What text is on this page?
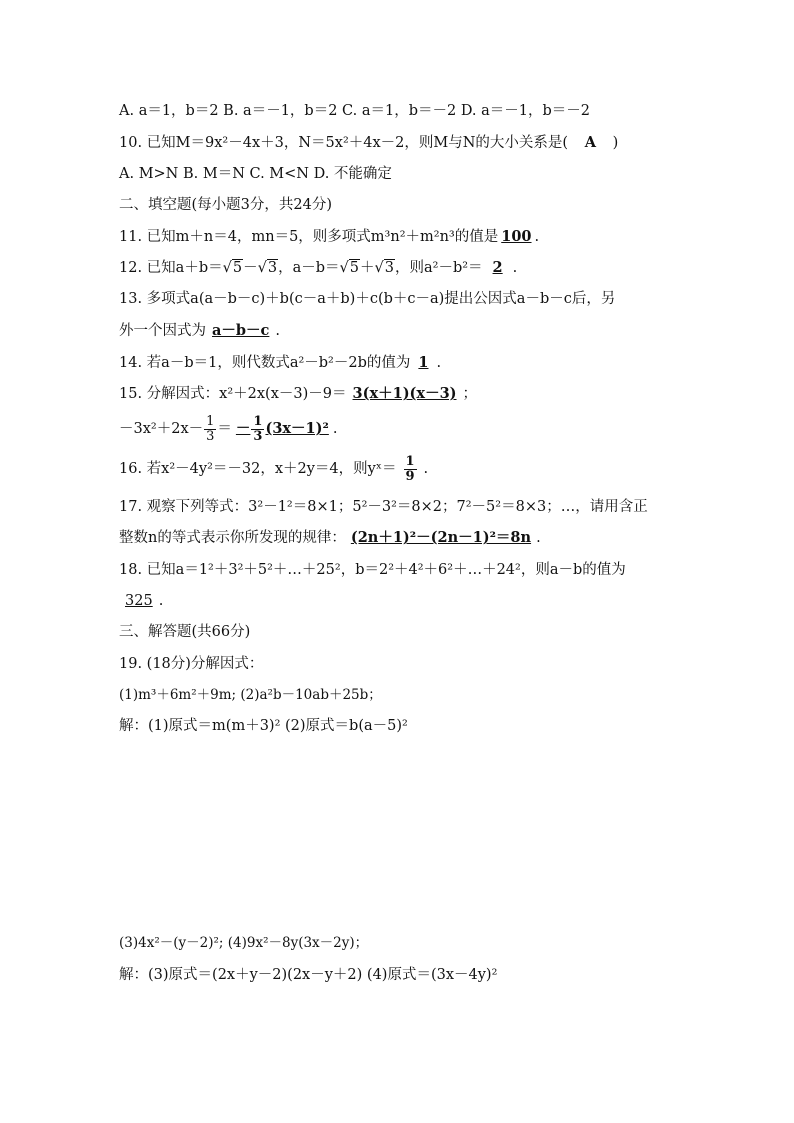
A. a＝1，b＝2 B. a＝－1，b＝2 C. a＝1，b＝－2 D. a＝－1，b＝－2
10. 已知M＝9x²－4x＋3，N＝5x²＋4x－2，则M与N的大小关系是( A )
A. M>N B. M＝N C. M<N D. 不能确定
二、填空题(每小题3分，共24分)
11. 已知m＋n＝4，mn＝5，则多项式m³n²＋m²n³的值是 100 .
12. 已知a＋b＝√5－√3，a－b＝√5＋√3，则a²－b²＝ 2 .
13. 多项式a(a－b－c)＋b(c－a＋b)＋c(b＋c－a)提出公因式a－b－c后，另
外一个因式为 a－b－c .
14. 若a－b＝1，则代数式a²－b²－2b的值为 1 .
15. 分解因式：x²＋2x(x－3)－9＝ 3(x＋1)(x－3) ；
$-3x^2+2x- \frac{1}{3}$ ＝ － $\frac{1}{3} (3x-1)^2$ .
16. 若x²－4y²＝－32，x＋2y＝4，则yˣ＝ $\frac{1}{9}$ .
17. 观察下列等式：3²－1²＝8×1；5²－3²＝8×2；7²－5²＝8×3；…，请用含正
整数n的等式表示你所发现的规律： (2n＋1)²－(2n－1)²＝8n .
18. 已知a＝1²＋3²＋5²＋…＋25²，b＝2²＋4²＋6²＋…＋24²，则a－b的值为
325 .
三、解答题(共66分)
19. (18分)分解因式：
(1)m³＋6m²＋9m; (2)a²b－10ab＋25b；
解：(1)原式＝m(m＋3)² (2)原式＝b(a－5)²
(3)4x²－(y－2)²; (4)9x²－8y(3x－2y)；
解：(3)原式＝(2x＋y－2)(2x－y＋2) (4)原式＝(3x－4y)²
